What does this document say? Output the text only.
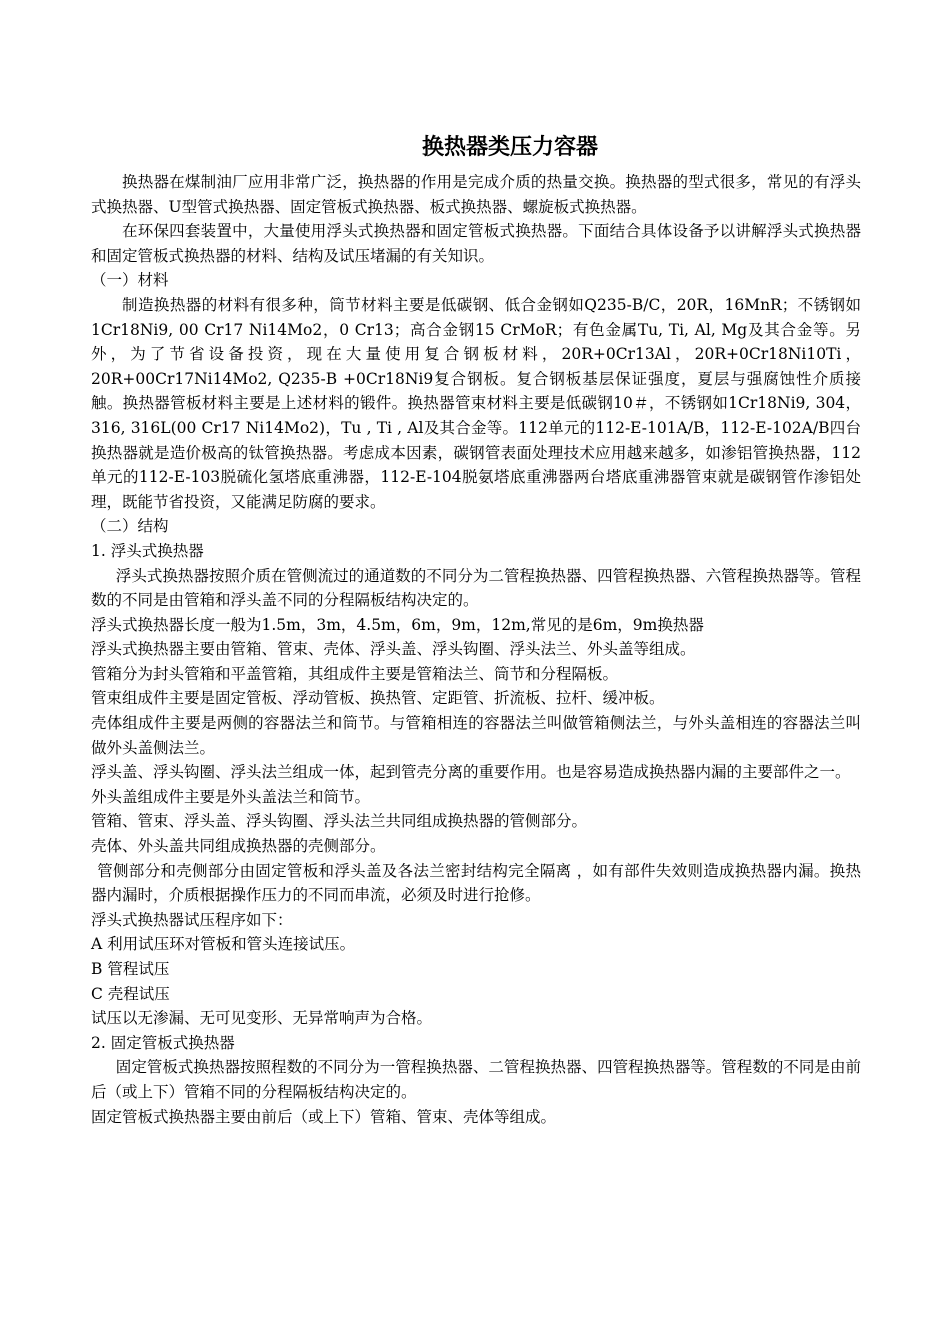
换热器类压力容器

换热器在煤制油厂应用非常广泛，换热器的作用是完成介质的热量交换。换热器的型式很多，常见的有浮头式换热器、U型管式换热器、固定管板式换热器、板式换热器、螺旋板式换热器。

在环保四套装置中，大量使用浮头式换热器和固定管板式换热器。下面结合具体设备予以讲解浮头式换热器和固定管板式换热器的材料、结构及试压堵漏的有关知识。

（一）材料

制造换热器的材料有很多种，筒节材料主要是低碳钢、低合金钢如Q235-B/C，20R，16MnR；不锈钢如1Cr18Ni9, 00 Cr17 Ni14Mo2，0 Cr13；高合金钢15 CrMoR；有色金属Tu, Ti, Al, Mg及其合金等。另外，为了节省设备投资，现在大量使用复合钢板材料，20R+0Cr13Al，20R+0Cr18Ni10Ti，20R+00Cr17Ni14Mo2, Q235-B +0Cr18Ni9复合钢板。复合钢板基层保证强度，夏层与强腐蚀性介质接触。换热器管板材料主要是上述材料的锻件。换热器管束材料主要是低碳钢10＃，不锈钢如1Cr18Ni9, 304，316, 316L(00 Cr17 Ni14Mo2)，Tu , Ti , Al及其合金等。112单元的112-E-101A/B，112-E-102A/B四台换热器就是造价极高的钛管换热器。考虑成本因素，碳钢管表面处理技术应用越来越多，如渗铝管换热器，112单元的112-E-103脱硫化氢塔底重沸器，112-E-104脱氨塔底重沸器两台塔底重沸器管束就是碳钢管作渗铝处理，既能节省投资，又能满足防腐的要求。

（二）结构

1. 浮头式换热器

浮头式换热器按照介质在管侧流过的通道数的不同分为二管程换热器、四管程换热器、六管程换热器等。管程数的不同是由管箱和浮头盖不同的分程隔板结构决定的。

浮头式换热器长度一般为1.5m，3m，4.5m，6m，9m，12m,常见的是6m，9m换热器

浮头式换热器主要由管箱、管束、壳体、浮头盖、浮头钩圈、浮头法兰、外头盖等组成。

管箱分为封头管箱和平盖管箱，其组成件主要是管箱法兰、筒节和分程隔板。

管束组成件主要是固定管板、浮动管板、换热管、定距管、折流板、拉杆、缓冲板。

壳体组成件主要是两侧的容器法兰和筒节。与管箱相连的容器法兰叫做管箱侧法兰，与外头盖相连的容器法兰叫做外头盖侧法兰。

浮头盖、浮头钩圈、浮头法兰组成一体，起到管壳分离的重要作用。也是容易造成换热器内漏的主要部件之一。

外头盖组成件主要是外头盖法兰和筒节。

管箱、管束、浮头盖、浮头钩圈、浮头法兰共同组成换热器的管侧部分。

壳体、外头盖共同组成换热器的壳侧部分。

管侧部分和壳侧部分由固定管板和浮头盖及各法兰密封结构完全隔离 ，如有部件失效则造成换热器内漏。换热器内漏时，介质根据操作压力的不同而串流，必须及时进行抢修。

浮头式换热器试压程序如下：

A 利用试压环对管板和管头连接试压。

B 管程试压

C 壳程试压

试压以无渗漏、无可见变形、无异常响声为合格。

2. 固定管板式换热器

固定管板式换热器按照程数的不同分为一管程换热器、二管程换热器、四管程换热器等。管程数的不同是由前后（或上下）管箱不同的分程隔板结构决定的。

固定管板式换热器主要由前后（或上下）管箱、管束、壳体等组成。
